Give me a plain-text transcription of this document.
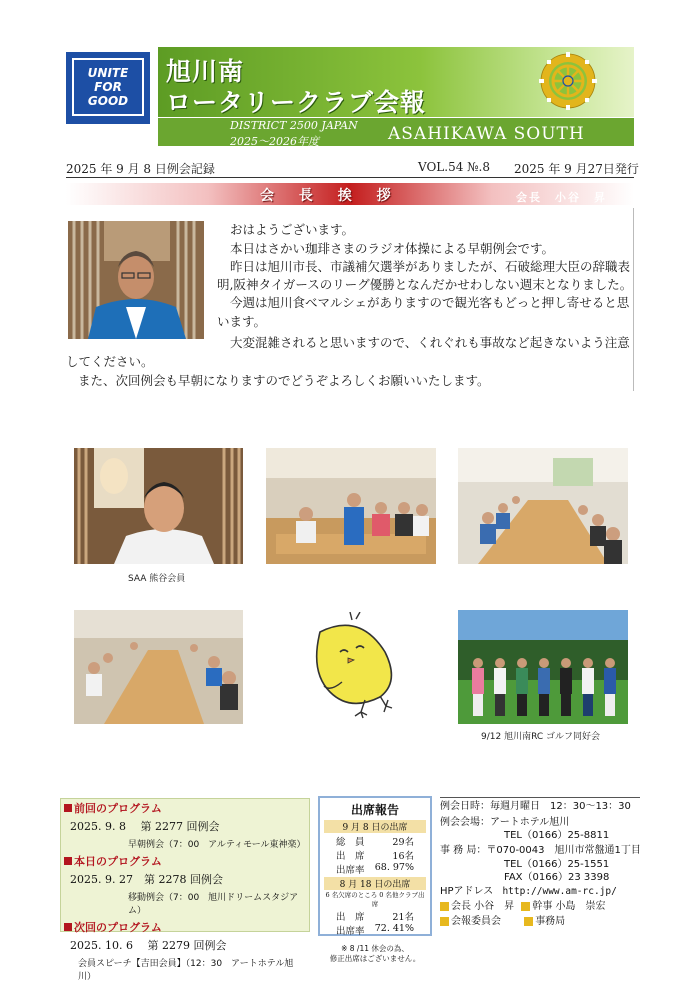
UNITE
FOR
GOOD
旭川南
ロータリークラブ会報
DISTRICT 2500 JAPAN
2025～2026年度	ASAHIKAWA SOUTH
2025 年 9 月 8 日例会記録	VOL.54 №.8 2025 年 9 月27日発行
会 長 挨 拶	会長　小谷　昇
おはようございます。
本日はさかい珈琲さまのラジオ体操による早朝例会です。
昨日は旭川市長、市議補欠選挙がありましたが、石破総理大臣の辞職表
明,阪神タイガースのリーグ優勝となんだかせわしない週末となりました。
今週は旭川食べマルシェがありますので観光客もどっと押し寄せると思
います。
大変混雑されると思いますので、くれぐれも事故など起きないよう注意
してください。
また、次回例会も早朝になりますのでどうぞよろしくお願いいたします。
SAA 熊谷会員
9/12 旭川南RC ゴルフ同好会
前回のプログラム
2025. 9. 8　 第 2277 回例会
早朝例会（7：00　アルティモール東神楽）
本日のプログラム
2025. 9. 27　第 2278 回例会
移動例会（7：00　旭川ドリームスタジアム）
次回のプログラム
2025. 10. 6　 第 2279 回例会
会員スピーチ【吉田会員】（12：30　アートホテル旭川）
出席報告
9 月 8 日の出席
総　員	29名
出　席	16名
出席率 68. 97%
8 月 18 日の出席
6 名欠席のところ 0 名他クラブ出席
出　席	21名
出席率 72. 41%
※ 8 /11 休会の為、
修正出席はございません。
例会日時：毎週月曜日　12：30～13：30
例会会場：アートホテル旭川
TEL（0166）25-8811
事 務 局：〒070-0043　旭川市常盤通1丁目
TEL（0166）25-1551
FAX（0166）23 3398
HPアドレス http://www.am-rc.jp/
会長 小谷　昇 幹事 小島　崇宏
会報委員会	事務局
